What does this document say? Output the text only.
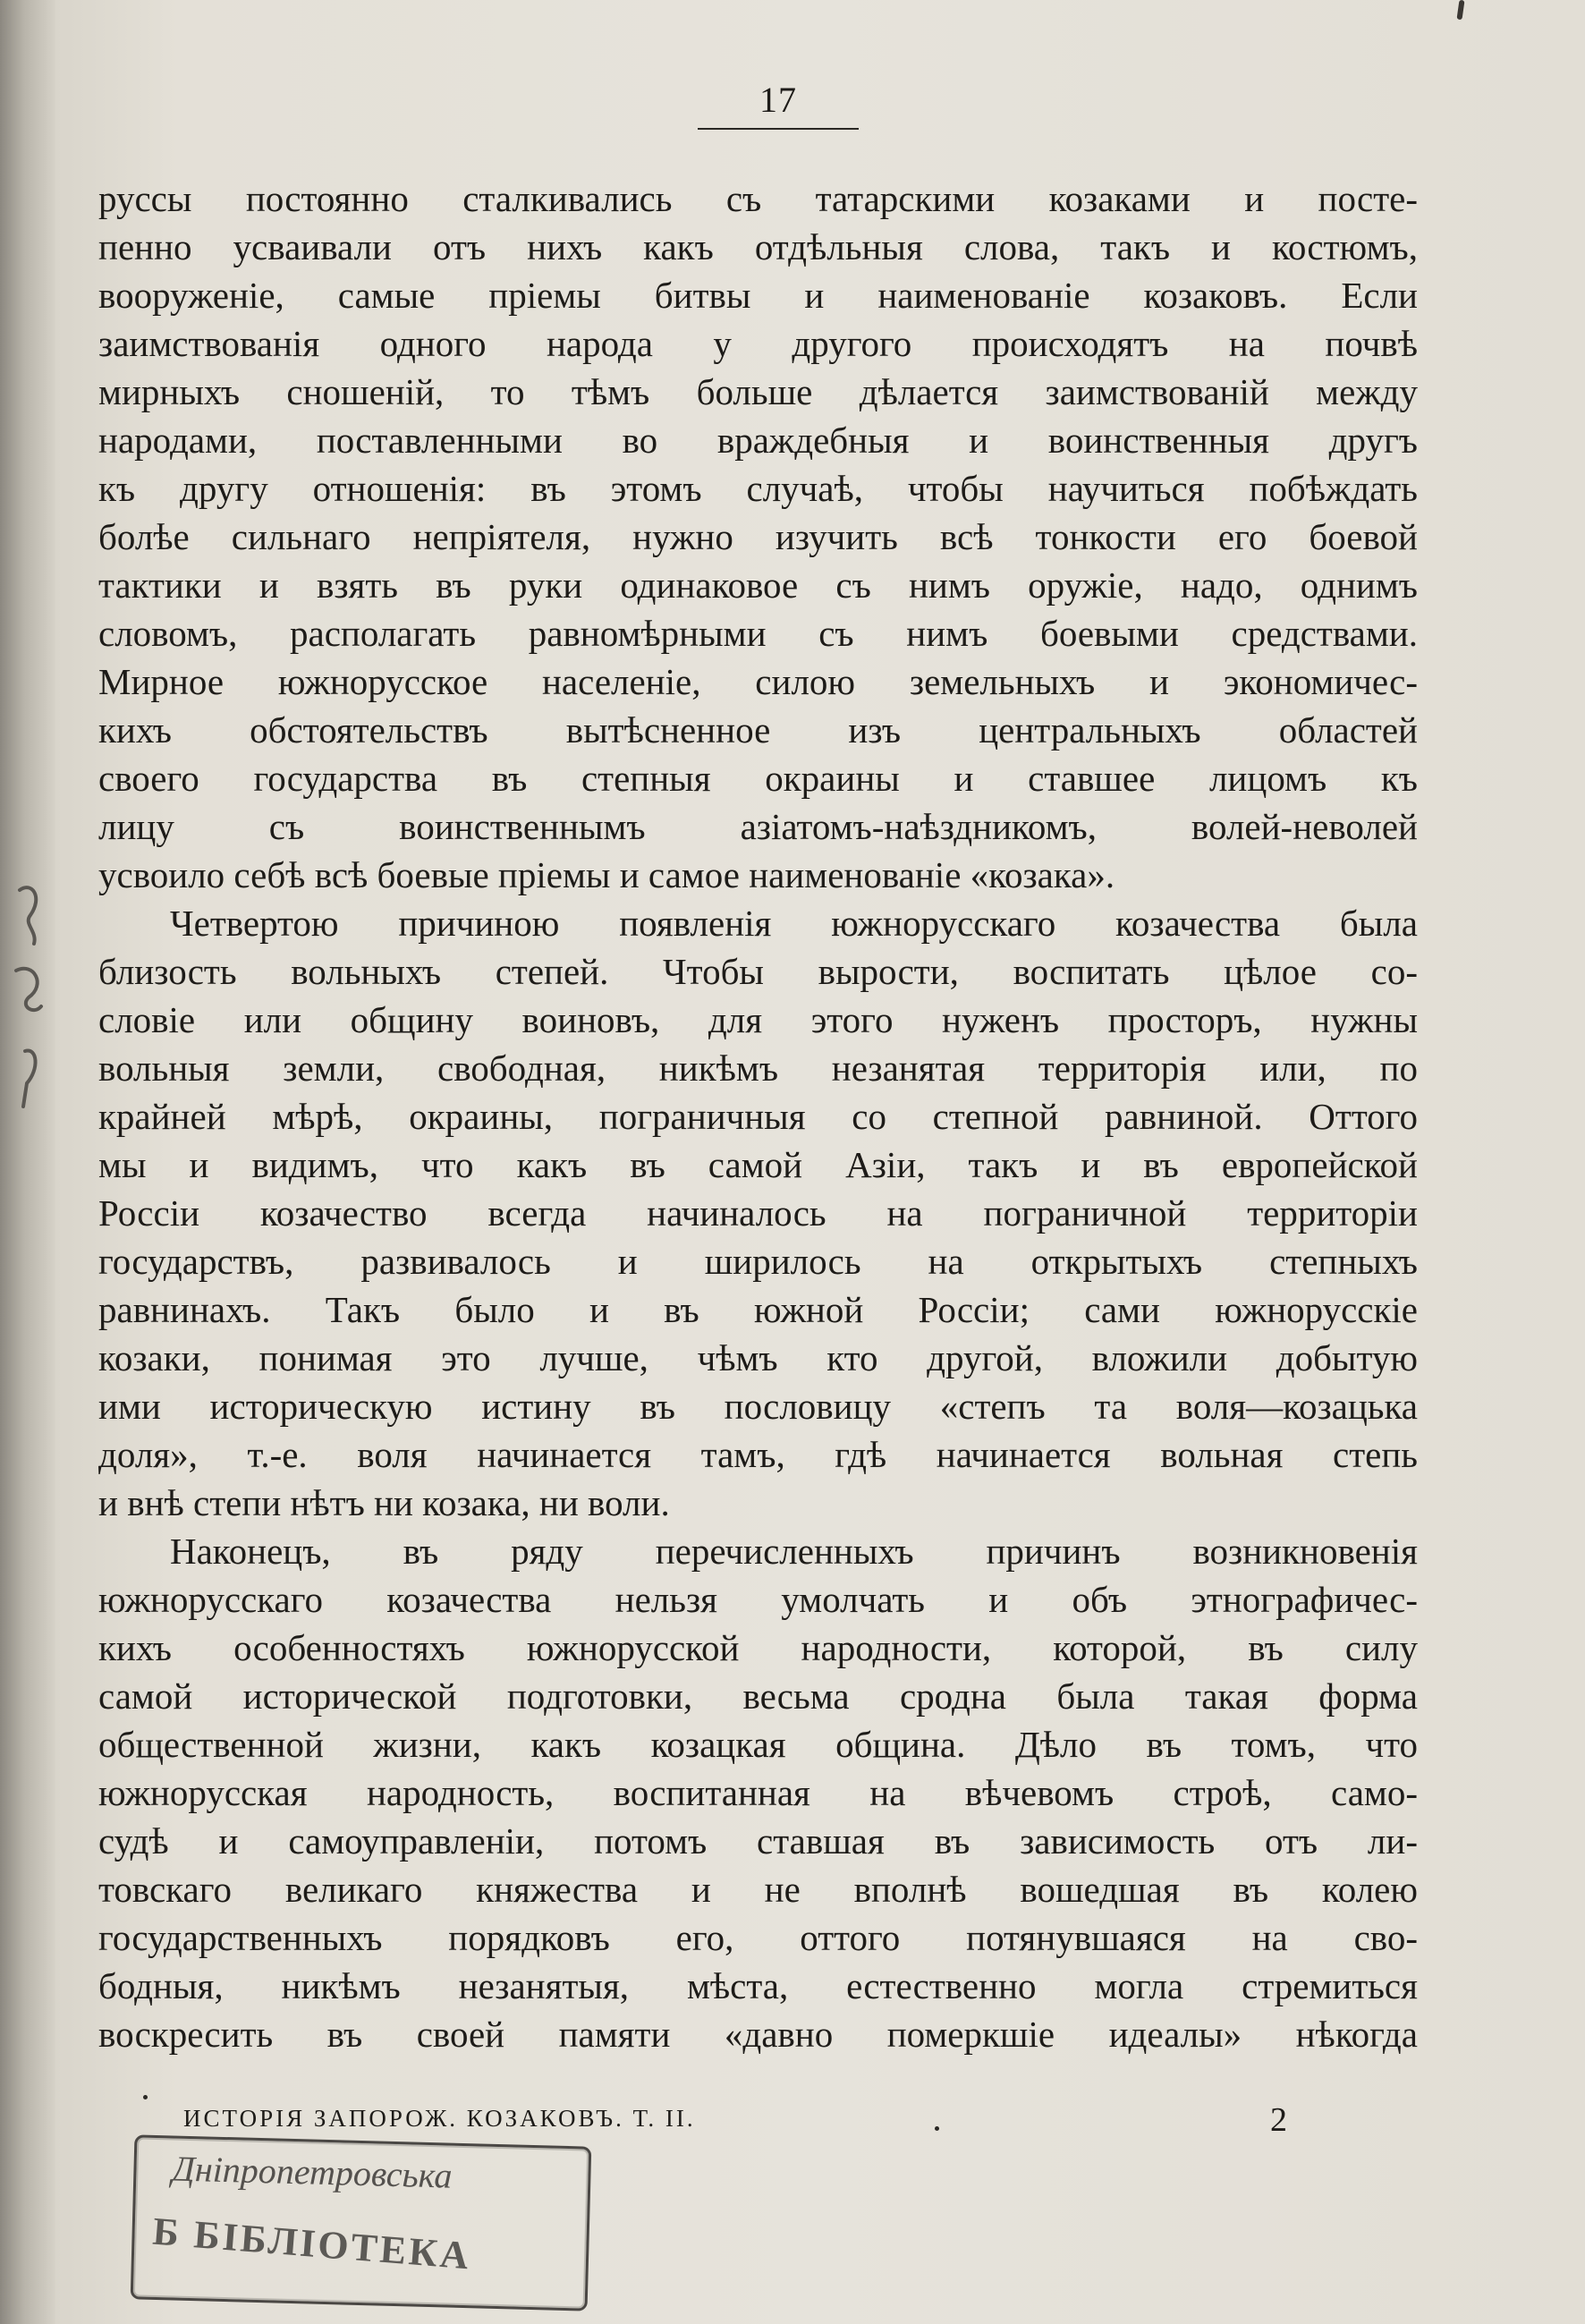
17
руссы постоянно сталкивались съ татарскими козаками и посте-
пенно усваивали отъ нихъ какъ отдѣльныя слова, такъ и костюмъ,
вооруженіе, самые пріемы битвы и наименованіе козаковъ. Если
заимствованія одного народа у другого происходятъ на почвѣ
мирныхъ сношеній, то тѣмъ больше дѣлается заимствованій между
народами, поставленными во враждебныя и воинственныя другъ
къ другу отношенія: въ этомъ случаѣ, чтобы научиться побѣждать
болѣе сильнаго непріятеля, нужно изучить всѣ тонкости его боевой
тактики и взять въ руки одинаковое съ нимъ оружіе, надо, однимъ
словомъ, располагать равномѣрными съ нимъ боевыми средствами.
Мирное южнорусское населеніе, силою земельныхъ и экономичес-
кихъ обстоятельствъ вытѣсненное изъ центральныхъ областей
своего государства въ степныя окраины и ставшее лицомъ къ
лицу съ воинственнымъ азіатомъ-наѣздникомъ, волей-неволей
усвоило себѣ всѣ боевые пріемы и самое наименованіе «козака».
Четвертою причиною появленія южнорусскаго козачества была
близость вольныхъ степей. Чтобы вырости, воспитать цѣлое со-
словіе или общину воиновъ, для этого нуженъ просторъ, нужны
вольныя земли, свободная, никѣмъ незанятая территорія или, по
крайней мѣрѣ, окраины, пограничныя со степной равниной. Оттого
мы и видимъ, что какъ въ самой Азіи, такъ и въ европейской
Россіи козачество всегда начиналось на пограничной территоріи
государствъ, развивалось и ширилось на открытыхъ степныхъ
равнинахъ. Такъ было и въ южной Россіи; сами южнорусскіе
козаки, понимая это лучше, чѣмъ кто другой, вложили добытую
ими историческую истину въ пословицу «степъ та воля—козацька
доля», т.-е. воля начинается тамъ, гдѣ начинается вольная степь
и внѣ степи нѣтъ ни козака, ни воли.
Наконецъ, въ ряду перечисленныхъ причинъ возникновенія
южнорусскаго козачества нельзя умолчать и объ этнографичес-
кихъ особенностяхъ южнорусской народности, которой, въ силу
самой исторической подготовки, весьма сродна была такая форма
общественной жизни, какъ козацкая община. Дѣло въ томъ, что
южнорусская народность, воспитанная на вѣчевомъ строѣ, само-
судѣ и самоуправленіи, потомъ ставшая въ зависимость отъ ли-
товскаго великаго княжества и не вполнѣ вошедшая въ колею
государственныхъ порядковъ его, оттого потянувшаяся на сво-
бодныя, никѣмъ незанятыя, мѣста, естественно могла стремиться
воскресить въ своей памяти «давно померкшіе идеалы» нѣкогда
ИСТОРІЯ ЗАПОРОЖ. КОЗАКОВЪ. Т. II.	2
Дніпропетровська
Б БІБЛІОТЕКА
